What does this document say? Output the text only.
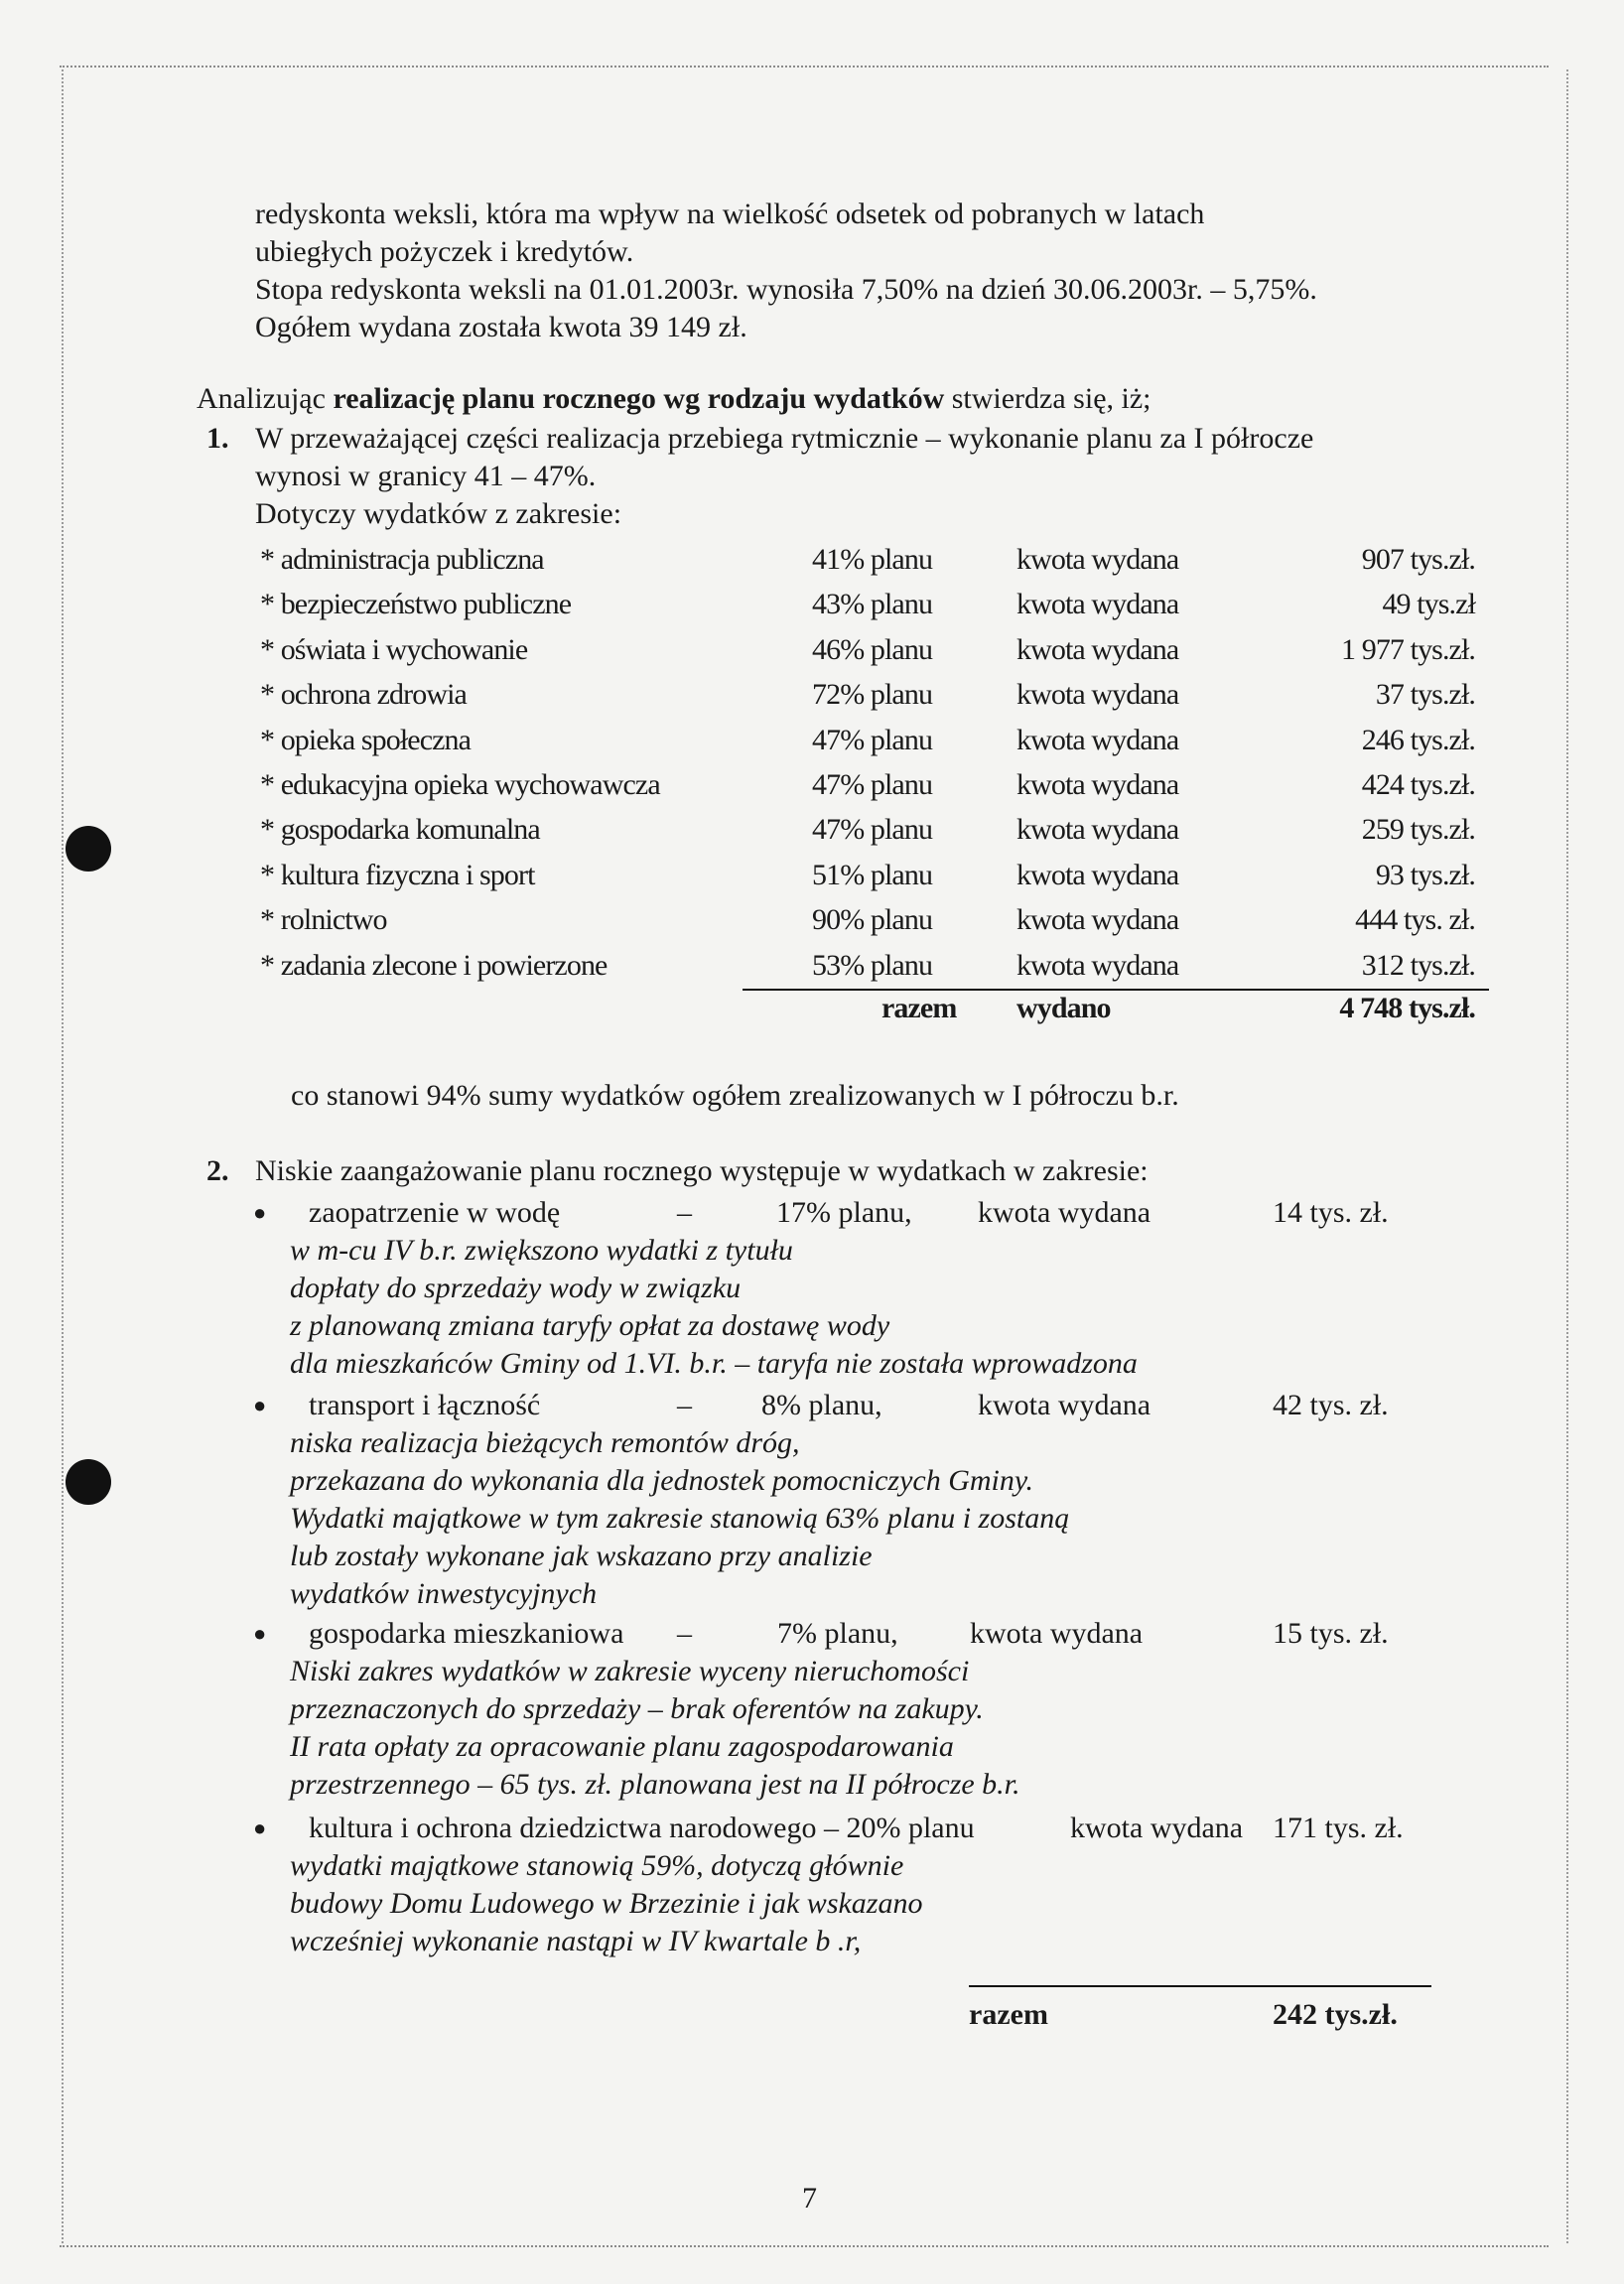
redyskonta weksli, która ma wpływ na wielkość odsetek od pobranych w latach
ubiegłych pożyczek i kredytów.
Stopa redyskonta weksli na 01.01.2003r. wynosiła 7,50% na dzień 30.06.2003r. – 5,75%.
Ogółem wydana została kwota 39 149 zł.
Analizując realizację planu rocznego wg rodzaju wydatków stwierdza się, iż;
1. W przeważającej części realizacja przebiega rytmicznie – wykonanie planu za I półrocze
wynosi w granicy 41 – 47%.
Dotyczy wydatków z zakresie:
* administracja publiczna	41% planu	kwota wydana	907 tys.zł.
* bezpieczeństwo publiczne	43% planu	kwota wydana	49 tys.zł
* oświata i wychowanie	46% planu	kwota wydana	1 977 tys.zł.
* ochrona zdrowia	72% planu	kwota wydana	37 tys.zł.
* opieka społeczna	47% planu	kwota wydana	246 tys.zł.
* edukacyjna opieka wychowawcza	47% planu	kwota wydana	424 tys.zł.
* gospodarka komunalna	47% planu	kwota wydana	259 tys.zł.
* kultura fizyczna i sport	51% planu	kwota wydana	93 tys.zł.
* rolnictwo	90% planu	kwota wydana	444 tys. zł.
* zadania zlecone i powierzone	53% planu	kwota wydana	312 tys.zł.
razem wydano	4 748 tys.zł.
co stanowi 94% sumy wydatków ogółem zrealizowanych w I półroczu b.r.
2. Niskie zaangażowanie planu rocznego występuje w wydatkach w zakresie:
● zaopatrzenie w wodę	–	17% planu, kwota wydana	14 tys. zł.
w m-cu IV b.r. zwiększono wydatki z tytułu
dopłaty do sprzedaży wody w związku
z planowaną zmiana taryfy opłat za dostawę wody
dla mieszkańców Gminy od 1.VI. b.r. – taryfa nie została wprowadzona
● transport i łączność	– 8% planu,	kwota wydana	42 tys. zł.
niska realizacja bieżących remontów dróg,
przekazana do wykonania dla jednostek pomocniczych Gminy.
Wydatki majątkowe w tym zakresie stanowią 63% planu i zostaną
lub zostały wykonane jak wskazano przy analizie
wydatków inwestycyjnych
● gospodarka mieszkaniowa –	7% planu, kwota wydana	15 tys. zł.
Niski zakres wydatków w zakresie wyceny nieruchomości
przeznaczonych do sprzedaży – brak oferentów na zakupy.
II rata opłaty za opracowanie planu zagospodarowania
przestrzennego – 65 tys. zł. planowana jest na II półrocze b.r.
● kultura i ochrona dziedzictwa narodowego – 20% planu	kwota wydana 171 tys. zł.
wydatki majątkowe stanowią 59%, dotyczą głównie
budowy Domu Ludowego w Brzezinie i jak wskazano
wcześniej wykonanie nastąpi w IV kwartale b .r,
razem	242 tys.zł.
7
